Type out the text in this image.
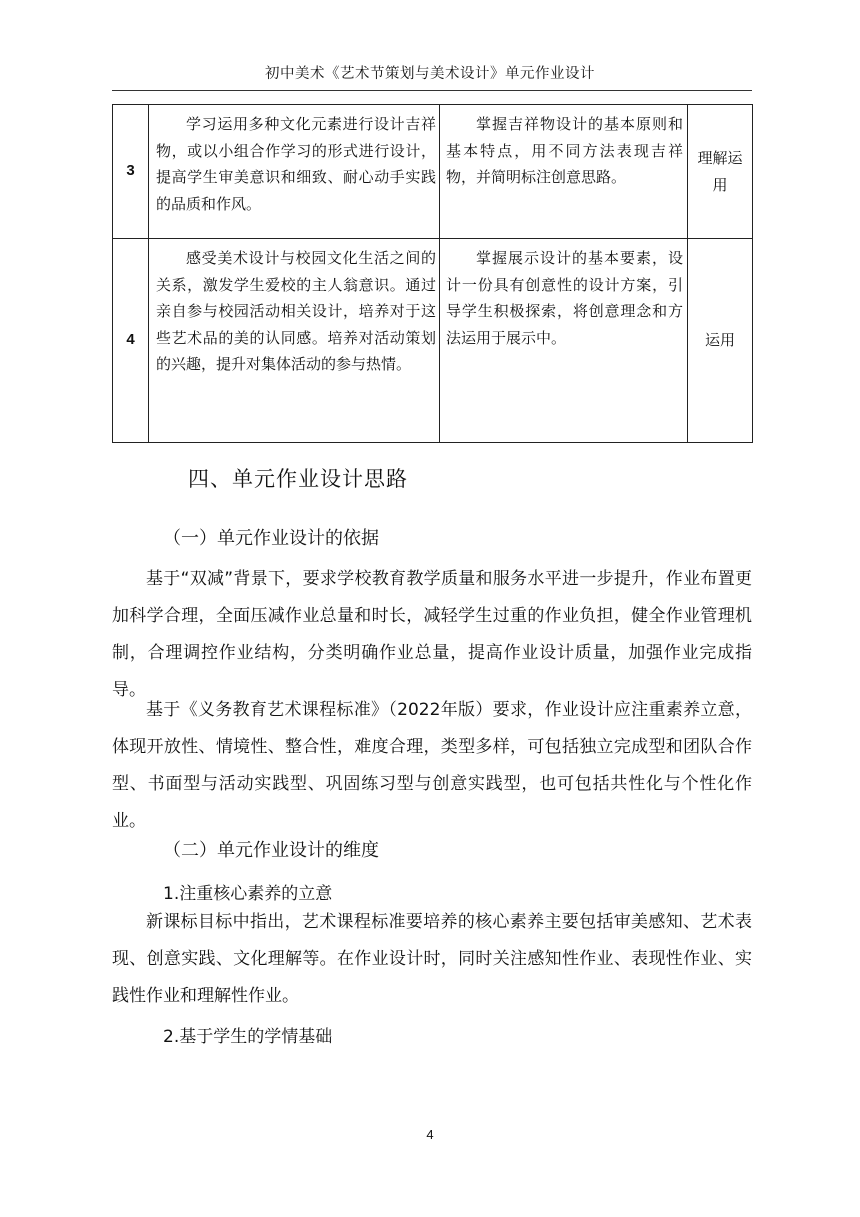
初中美术《艺术节策划与美术设计》单元作业设计
3	学习运用多种文化元素进行设计吉祥物，或以小组合作学习的形式进行设计，提高学生审美意识和细致、耐心动手实践的品质和作风。	掌握吉祥物设计的基本原则和基本特点，用不同方法表现吉祥物，并简明标注创意思路。	理解运用
4	感受美术设计与校园文化生活之间的关系，激发学生爱校的主人翁意识。通过亲自参与校园活动相关设计，培养对于这些艺术品的美的认同感。培养对活动策划的兴趣，提升对集体活动的参与热情。	掌握展示设计的基本要素，设计一份具有创意性的设计方案，引导学生积极探索，将创意理念和方法运用于展示中。	运用
四、单元作业设计思路
（一）单元作业设计的依据
基于“双减”背景下，要求学校教育教学质量和服务水平进一步提升，作业布置更加科学合理，全面压减作业总量和时长，减轻学生过重的作业负担，健全作业管理机制，合理调控作业结构，分类明确作业总量，提高作业设计质量，加强作业完成指导。
基于《义务教育艺术课程标准》（2022年版）要求，作业设计应注重素养立意，体现开放性、情境性、整合性，难度合理，类型多样，可包括独立完成型和团队合作型、书面型与活动实践型、巩固练习型与创意实践型，也可包括共性化与个性化作业。
（二）单元作业设计的维度
1.注重核心素养的立意
新课标目标中指出，艺术课程标准要培养的核心素养主要包括审美感知、艺术表现、创意实践、文化理解等。在作业设计时，同时关注感知性作业、表现性作业、实践性作业和理解性作业。
2.基于学生的学情基础
4
